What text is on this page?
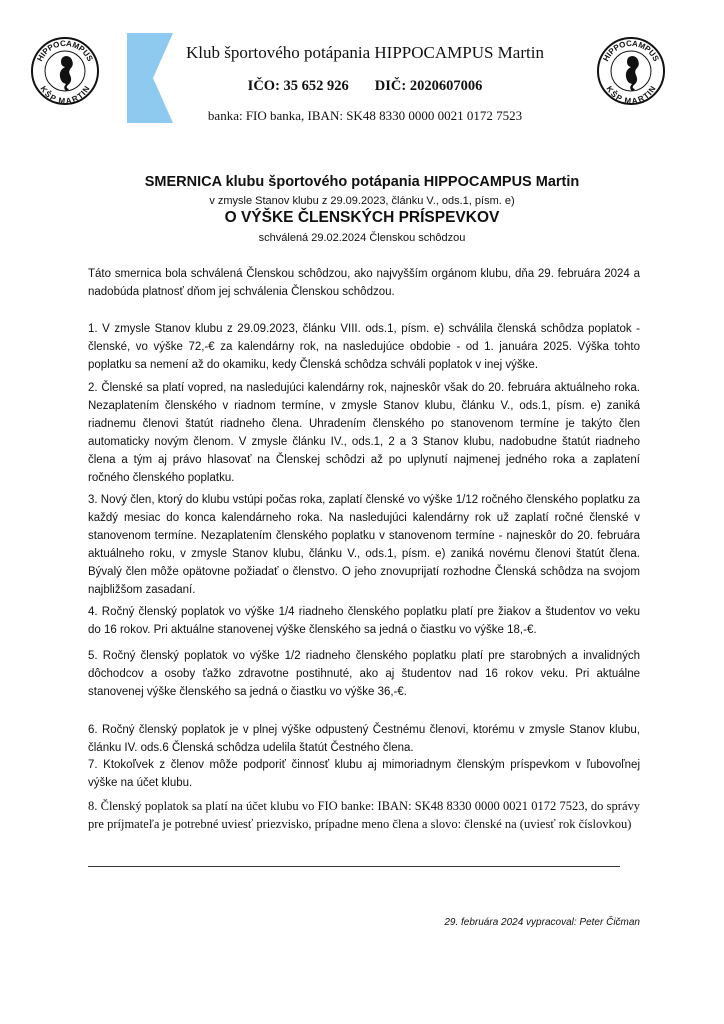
HIPPOCAMPUS
KŠP MARTIN
Klub športového potápania HIPPOCAMPUS Martin
IČO: 35 652 926 DIČ: 2020607006
banka: FIO banka, IBAN: SK48 8330 0000 0021 0172 7523
HIPPOCAMPUS
KŠP MARTIN
SMERNICA klubu športového potápania HIPPOCAMPUS Martin
v zmysle Stanov klubu z 29.09.2023, článku V., ods.1, písm. e)
O VÝŠKE ČLENSKÝCH PRÍSPEVKOV
schválená 29.02.2024 Členskou schôdzou

Táto smernica bola schválená Členskou schôdzou, ako najvyšším orgánom klubu, dňa 29. februára 2024 a nadobúda platnosť dňom jej schválenia Členskou schôdzou.

1. V zmysle Stanov klubu z 29.09.2023, článku VIII. ods.1, písm. e) schválila členská schôdza poplatok - členské, vo výške 72,-€ za kalendárny rok, na nasledujúce obdobie - od 1. januára 2025. Výška tohto poplatku sa nemení až do okamiku, kedy Členská schôdza schváli poplatok v inej výške.

2. Členské sa platí vopred, na nasledujúci kalendárny rok, najneskôr však do 20. februára aktuálneho roka. Nezaplatením členského v riadnom termíne, v zmysle Stanov klubu, článku V., ods.1, písm. e) zaniká riadnemu členovi štatút riadneho člena. Uhradením členského po stanovenom termíne je takýto člen automaticky novým členom. V zmysle článku IV., ods.1, 2 a 3 Stanov klubu, nadobudne štatút riadneho člena a tým aj právo hlasovať na Členskej schôdzi až po uplynutí najmenej jedného roka a zaplatení ročného členského poplatku.

3. Nový člen, ktorý do klubu vstúpi počas roka, zaplatí členské vo výške 1/12 ročného členského poplatku za každý mesiac do konca kalendárneho roka. Na nasledujúci kalendárny rok už zaplatí ročné členské v stanovenom termíne. Nezaplatením členského poplatku v stanovenom termíne - najneskôr do 20. februára aktuálneho roku, v zmysle Stanov klubu, článku V., ods.1, písm. e) zaniká novému členovi štatút člena. Bývalý člen môže opätovne požiadať o členstvo. O jeho znovuprijatí rozhodne Členská schôdza na svojom najbližšom zasadaní.

4. Ročný členský poplatok vo výške 1/4 riadneho členského poplatku platí pre žiakov a študentov vo veku do 16 rokov. Pri aktuálne stanovenej výške členského sa jedná o čiastku vo výške 18,-€.

5. Ročný členský poplatok vo výške 1/2 riadneho členského poplatku platí pre starobných a invalidných dôchodcov a osoby ťažko zdravotne postihnuté, ako aj študentov nad 16 rokov veku. Pri aktuálne stanovenej výške členského sa jedná o čiastku vo výške 36,-€.

6. Ročný členský poplatok je v plnej výške odpustený Čestnému členovi, ktorému v zmysle Stanov klubu, článku IV. ods.6 Členská schôdza udelila štatút Čestného člena.

7. Ktokoľvek z členov môže podporiť činnosť klubu aj mimoriadnym členským príspevkom v ľubovoľnej výške na účet klubu.

8. Členský poplatok sa platí na účet klubu vo FIO banke: IBAN: SK48 8330 0000 0021 0172 7523, do správy pre príjmateľa je potrebné uviesť priezvisko, prípadne meno člena a slovo: členské na (uviesť rok číslovkou)

29. februára 2024 vypracoval: Peter Čičman
